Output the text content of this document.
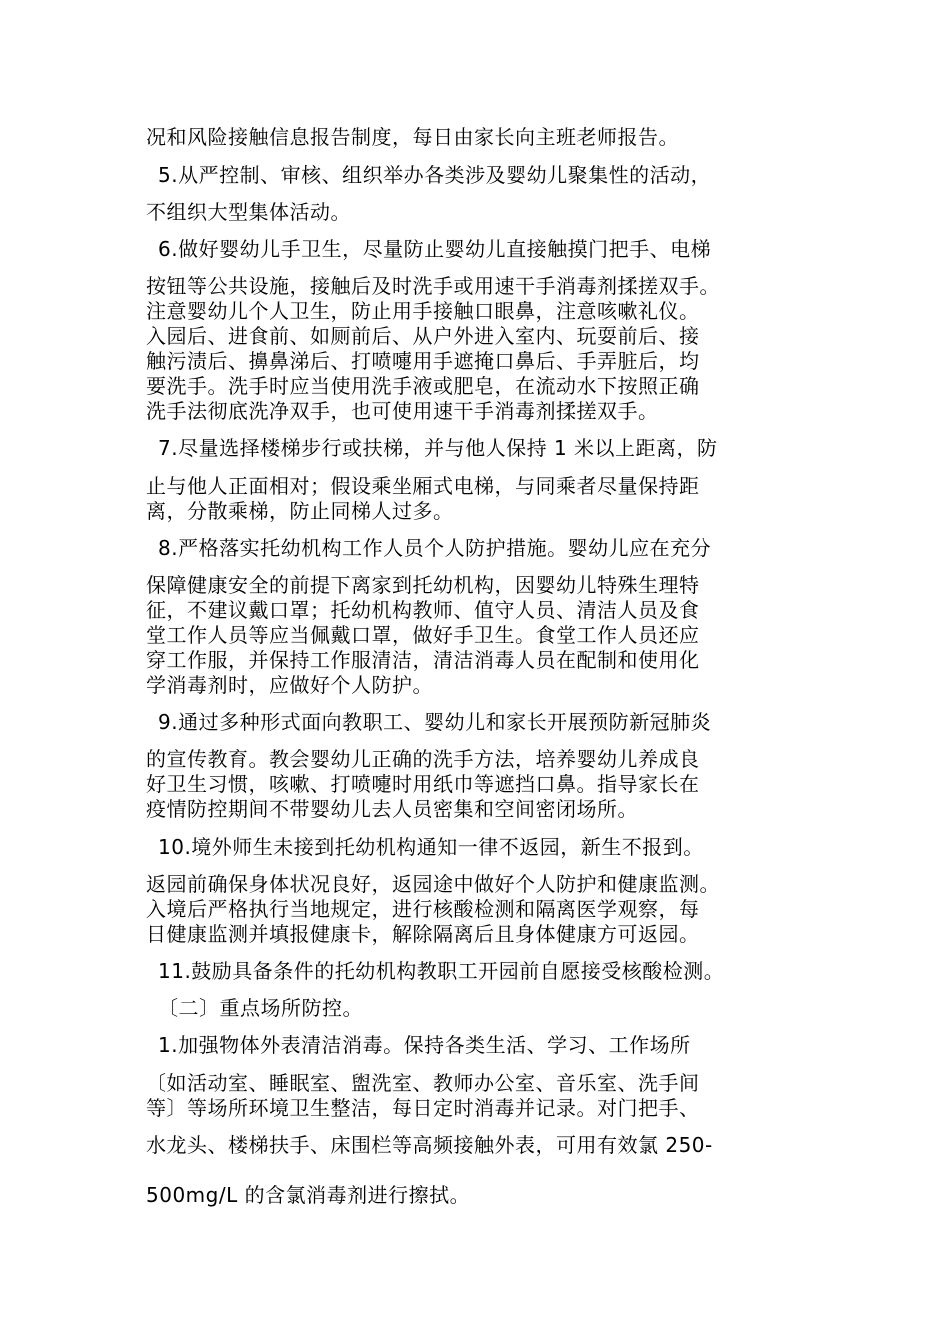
况和风险接触信息报告制度，每日由家长向主班老师报告。
5.从严控制、审核、组织举办各类涉及婴幼儿聚集性的活动，
不组织大型集体活动。
6.做好婴幼儿手卫生，尽量防止婴幼儿直接触摸门把手、电梯
按钮等公共设施，接触后及时洗手或用速干手消毒剂揉搓双手。
注意婴幼儿个人卫生，防止用手接触口眼鼻，注意咳嗽礼仪。
入园后、进食前、如厕前后、从户外进入室内、玩耍前后、接
触污渍后、擤鼻涕后、打喷嚏用手遮掩口鼻后、手弄脏后，均
要洗手。洗手时应当使用洗手液或肥皂，在流动水下按照正确
洗手法彻底洗净双手，也可使用速干手消毒剂揉搓双手。
7.尽量选择楼梯步行或扶梯，并与他人保持 1 米以上距离，防
止与他人正面相对；假设乘坐厢式电梯，与同乘者尽量保持距
离，分散乘梯，防止同梯人过多。
8.严格落实托幼机构工作人员个人防护措施。婴幼儿应在充分
保障健康安全的前提下离家到托幼机构，因婴幼儿特殊生理特
征，不建议戴口罩；托幼机构教师、值守人员、清洁人员及食
堂工作人员等应当佩戴口罩，做好手卫生。食堂工作人员还应
穿工作服，并保持工作服清洁，清洁消毒人员在配制和使用化
学消毒剂时，应做好个人防护。
9.通过多种形式面向教职工、婴幼儿和家长开展预防新冠肺炎
的宣传教育。教会婴幼儿正确的洗手方法，培养婴幼儿养成良
好卫生习惯，咳嗽、打喷嚏时用纸巾等遮挡口鼻。指导家长在
疫情防控期间不带婴幼儿去人员密集和空间密闭场所。
10.境外师生未接到托幼机构通知一律不返园，新生不报到。
返园前确保身体状况良好，返园途中做好个人防护和健康监测。
入境后严格执行当地规定，进行核酸检测和隔离医学观察，每
日健康监测并填报健康卡，解除隔离后且身体健康方可返园。
11.鼓励具备条件的托幼机构教职工开园前自愿接受核酸检测。
〔二〕重点场所防控。
1.加强物体外表清洁消毒。保持各类生活、学习、工作场所
〔如活动室、睡眠室、盥洗室、教师办公室、音乐室、洗手间
等〕等场所环境卫生整洁，每日定时消毒并记录。对门把手、
水龙头、楼梯扶手、床围栏等高频接触外表，可用有效氯 250-
500mg/L 的含氯消毒剂进行擦拭。
